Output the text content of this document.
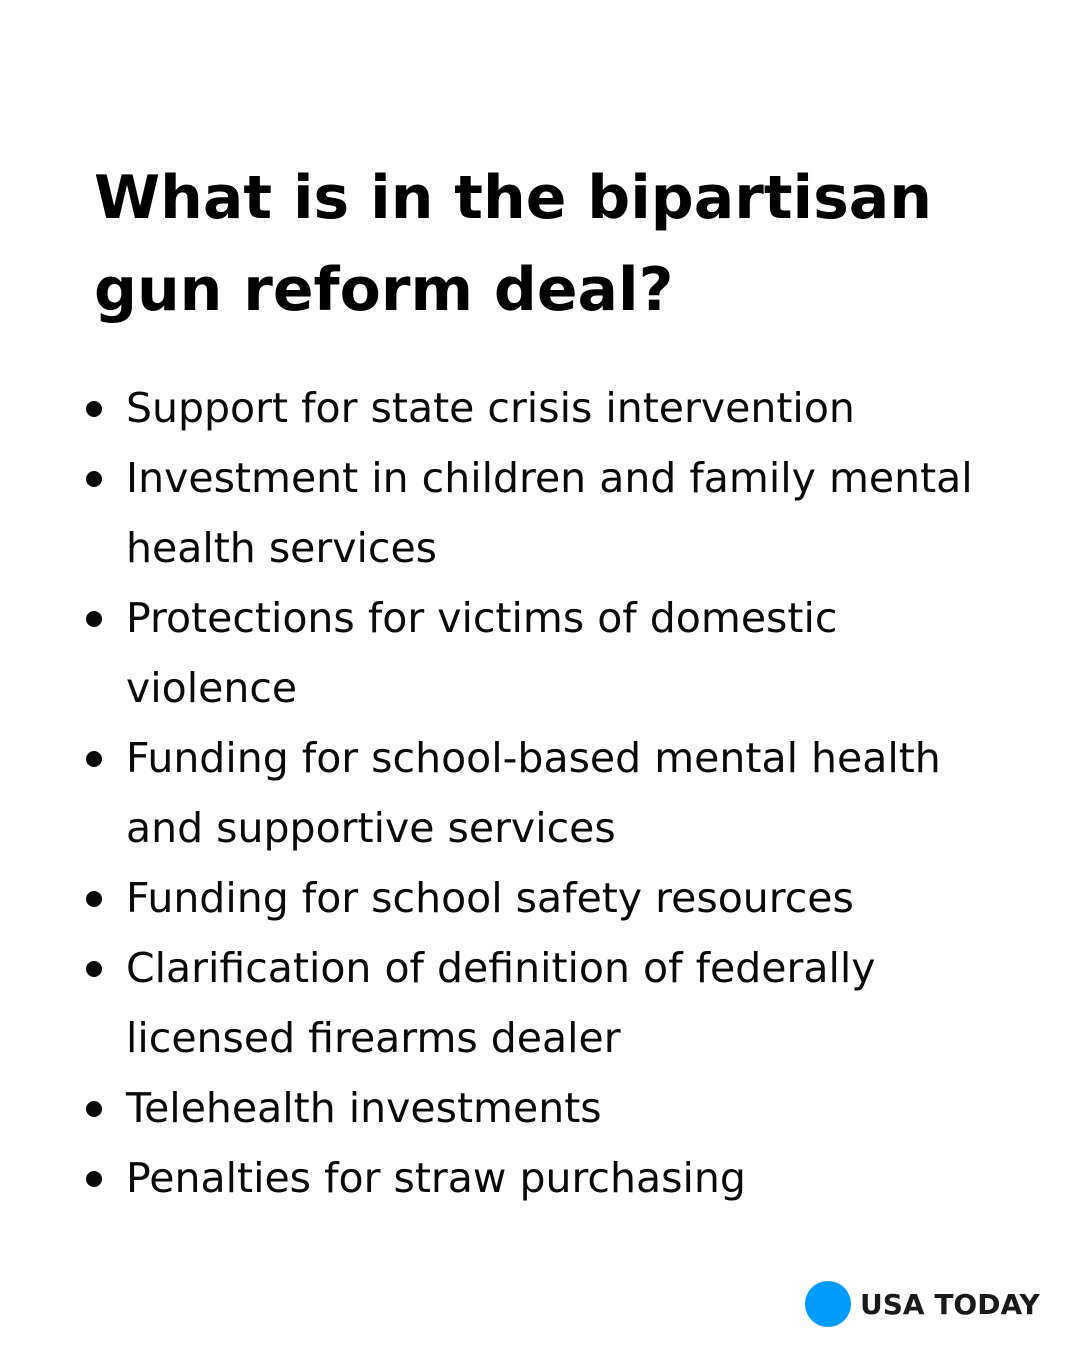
What is in the bipartisan
gun reform deal?
Support for state crisis intervention
Investment in children and family mental
health services
Protections for victims of domestic
violence
Funding for school-based mental health
and supportive services
Funding for school safety resources
Clarification of definition of federally
licensed firearms dealer
Telehealth investments
Penalties for straw purchasing
USA TODAY
